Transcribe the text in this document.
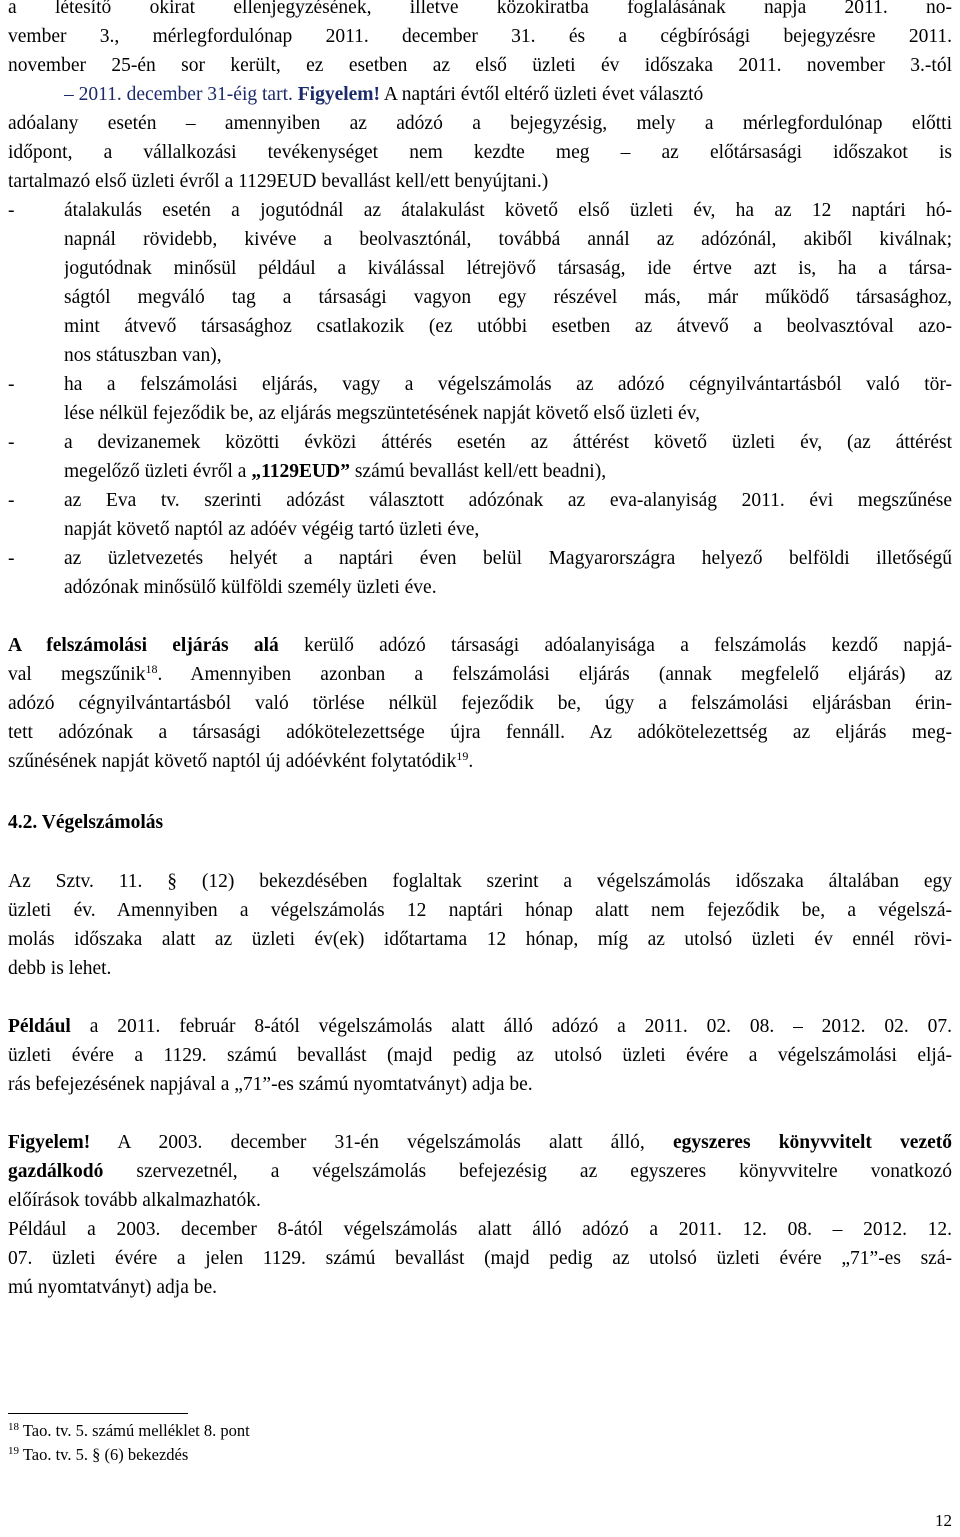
a létesítő okirat ellenjegyzésének, illetve közokiratba foglalásának napja 2011. no-
vember 3., mérlegfordulónap 2011. december 31. és a cégbírósági bejegyzésre 2011.
november 25-én sor került, ez esetben az első üzleti év időszaka 2011. november 3.-tól
– 2011. december 31-éig tart. Figyelem! A naptári évtől eltérő üzleti évet választó
adóalany esetén – amennyiben az adózó a bejegyzésig, mely a mérlegfordulónap előtti
időpont, a vállalkozási tevékenységet nem kezdte meg – az előtársasági időszakot is
tartalmazó első üzleti évről a 1129EUD bevallást kell/ett benyújtani.)
-	átalakulás esetén a jogutódnál az átalakulást követő első üzleti év, ha az 12 naptári hó-
napnál rövidebb, kivéve a beolvasztónál, továbbá annál az adózónál, akiből kiválnak;
jogutódnak minősül például a kiválással létrejövő társaság, ide értve azt is, ha a társa-
ságtól megváló tag a társasági vagyon egy részével más, már működő társasághoz,
mint átvevő társasághoz csatlakozik (ez utóbbi esetben az átvevő a beolvasztóval azo-
nos státuszban van),
-	ha a felszámolási eljárás, vagy a végelszámolás az adózó cégnyilvántartásból való tör-
lése nélkül fejeződik be, az eljárás megszüntetésének napját követő első üzleti év,
-	a devizanemek közötti évközi áttérés esetén az áttérést követő üzleti év, (az áttérést
megelőző üzleti évről a „1129EUD” számú bevallást kell/ett beadni),
-	az Eva tv. szerinti adózást választott adózónak az eva-alanyiság 2011. évi megszűnése
napját követő naptól az adóév végéig tartó üzleti éve,
-	az üzletvezetés helyét a naptári éven belül Magyarországra helyező belföldi illetőségű
adózónak minősülő külföldi személy üzleti éve.
A felszámolási eljárás alá kerülő adózó társasági adóalanyisága a felszámolás kezdő napjá-
val megszűnik$^{18}$. Amennyiben azonban a felszámolási eljárás (annak megfelelő eljárás) az
adózó cégnyilvántartásból való törlése nélkül fejeződik be, úgy a felszámolási eljárásban érin-
tett adózónak a társasági adókötelezettsége újra fennáll. Az adókötelezettség az eljárás meg-
szűnésének napját követő naptól új adóévként folytatódik$^{19}$.
4.2. Végelszámolás
Az Sztv. 11. § (12) bekezdésében foglaltak szerint a végelszámolás időszaka általában egy
üzleti év. Amennyiben a végelszámolás 12 naptári hónap alatt nem fejeződik be, a végelszá-
molás időszaka alatt az üzleti év(ek) időtartama 12 hónap, míg az utolsó üzleti év ennél rövi-
debb is lehet.
Például a 2011. február 8-ától végelszámolás alatt álló adózó a 2011. 02. 08. – 2012. 02. 07.
üzleti évére a 1129. számú bevallást (majd pedig az utolsó üzleti évére a végelszámolási eljá-
rás befejezésének napjával a „71”-es számú nyomtatványt) adja be.
Figyelem! A 2003. december 31-én végelszámolás alatt álló, egyszeres könyvvitelt vezető
gazdálkodó szervezetnél, a végelszámolás befejezésig az egyszeres könyvvitelre vonatkozó
előírások tovább alkalmazhatók.
Például a 2003. december 8-ától végelszámolás alatt álló adózó a 2011. 12. 08. – 2012. 12.
07. üzleti évére a jelen 1129. számú bevallást (majd pedig az utolsó üzleti évére „71”-es szá-
mú nyomtatványt) adja be.
$^{18}$ Tao. tv. 5. számú melléklet 8. pont
$^{19}$ Tao. tv. 5. § (6) bekezdés
12
